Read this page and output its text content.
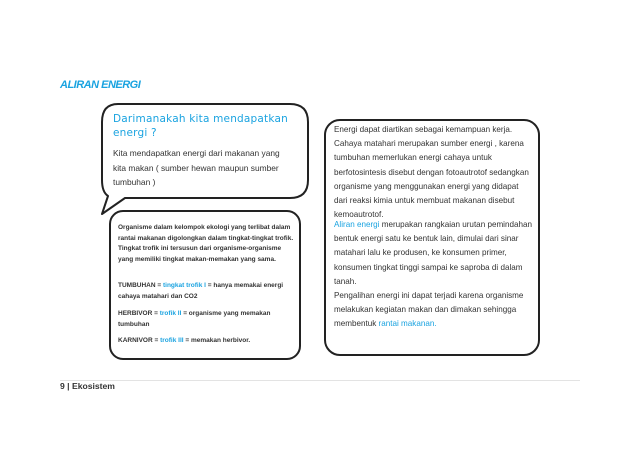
ALIRAN ENERGI
Darimanakah kita mendapatkan energi ?
Kita mendapatkan energi dari makanan yang kita makan ( sumber hewan maupun sumber tumbuhan )

Organisme dalam kelompok ekologi yang terlibat dalam rantai makanan digolongkan dalam tingkat-tingkat trofik. Tingkat trofik ini tersusun dari organisme-organisme yang memiliki tingkat makan-memakan yang sama.

TUMBUHAN = tingkat trofik I = hanya memakai energi cahaya matahari dan CO2

HERBIVOR = trofik II = organisme yang memakan tumbuhan

KARNIVOR = trofik III = memakan herbivor.

Energi dapat diartikan sebagai kemampuan kerja. Cahaya matahari merupakan sumber energi , karena tumbuhan memerlukan energi cahaya untuk berfotosintesis disebut dengan fotoautrotof sedangkan organisme yang menggunakan energi yang didapat dari reaksi kimia untuk membuat makanan disebut kemoautrotof.

Aliran energi merupakan rangkaian urutan pemindahan bentuk energi satu ke bentuk lain, dimulai dari sinar matahari lalu ke produsen, ke konsumen primer, konsumen tingkat tinggi sampai ke saproba di dalam tanah.

Pengalihan energi ini dapat terjadi karena organisme melakukan kegiatan makan dan dimakan sehingga membentuk rantai makanan.

9 | Ekosistem
